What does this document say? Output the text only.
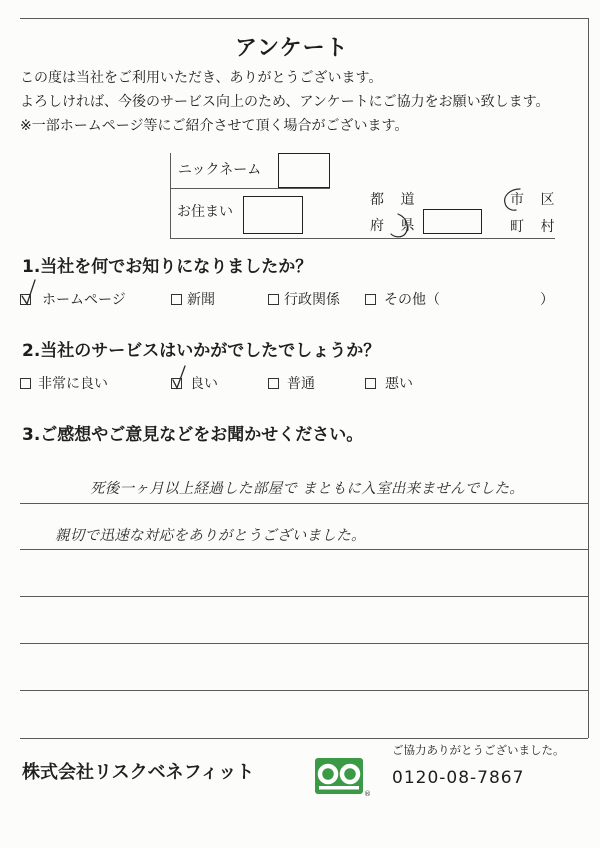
アンケート
この度は当社をご利用いただき、ありがとうございます。
よろしければ、今後のサービス向上のため、アンケートにご協力をお願い致します。
※一部ホームページ等にご紹介させて頂く場合がございます。
ニックネーム
お住まい
都 道
府 県
市 区
町 村
1.当社を何でお知りになりましたか？
ホームページ	新聞	行政関係	その他（	）
2.当社のサービスはいかがでしたでしょうか？
非常に良い	良い	普通	悪い
3.ご感想やご意見などをお聞かせください。
死後一ヶ月以上経過した部屋で まともに入室出来ませんでした。
親切で迅速な対応をありがとうございました。
ご協力ありがとうございました。
株式会社リスクベネフィット
®
0120-08-7867
